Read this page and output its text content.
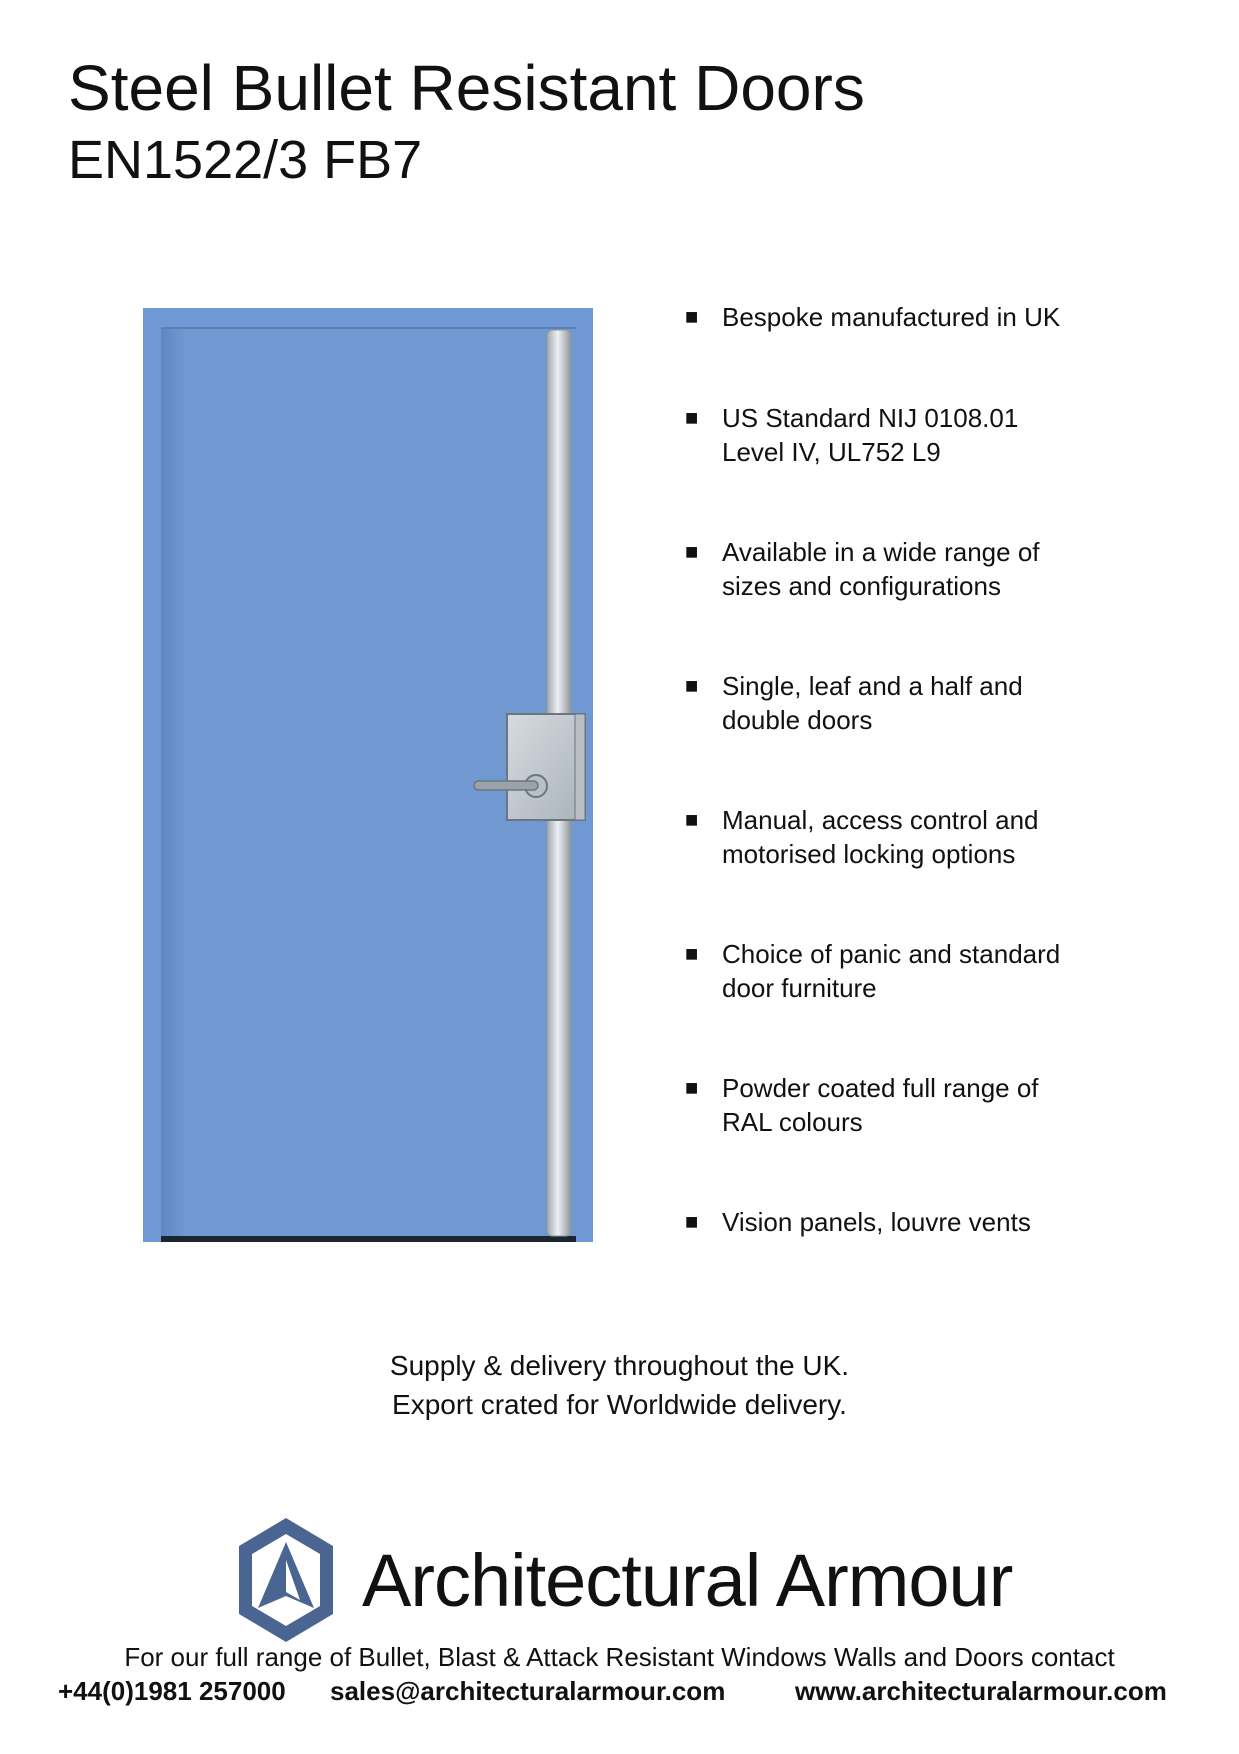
Steel Bullet Resistant Doors
EN1522/3 FB7
■ Bespoke manufactured in UK
■ US Standard NIJ 0108.01
Level IV, UL752 L9
■ Available in a wide range of
sizes and configurations
■ Single, leaf and a half and
double doors
■ Manual, access control and
motorised locking options
■ Choice of panic and standard
door furniture
■ Powder coated full range of
RAL colours
■ Vision panels, louvre vents
Supply & delivery throughout the UK.
Export crated for Worldwide delivery.
Architectural Armour
For our full range of Bullet, Blast & Attack Resistant Windows Walls and Doors contact
+44(0)1981 257000 sales@architecturalarmour.com	www.architecturalarmour.com
